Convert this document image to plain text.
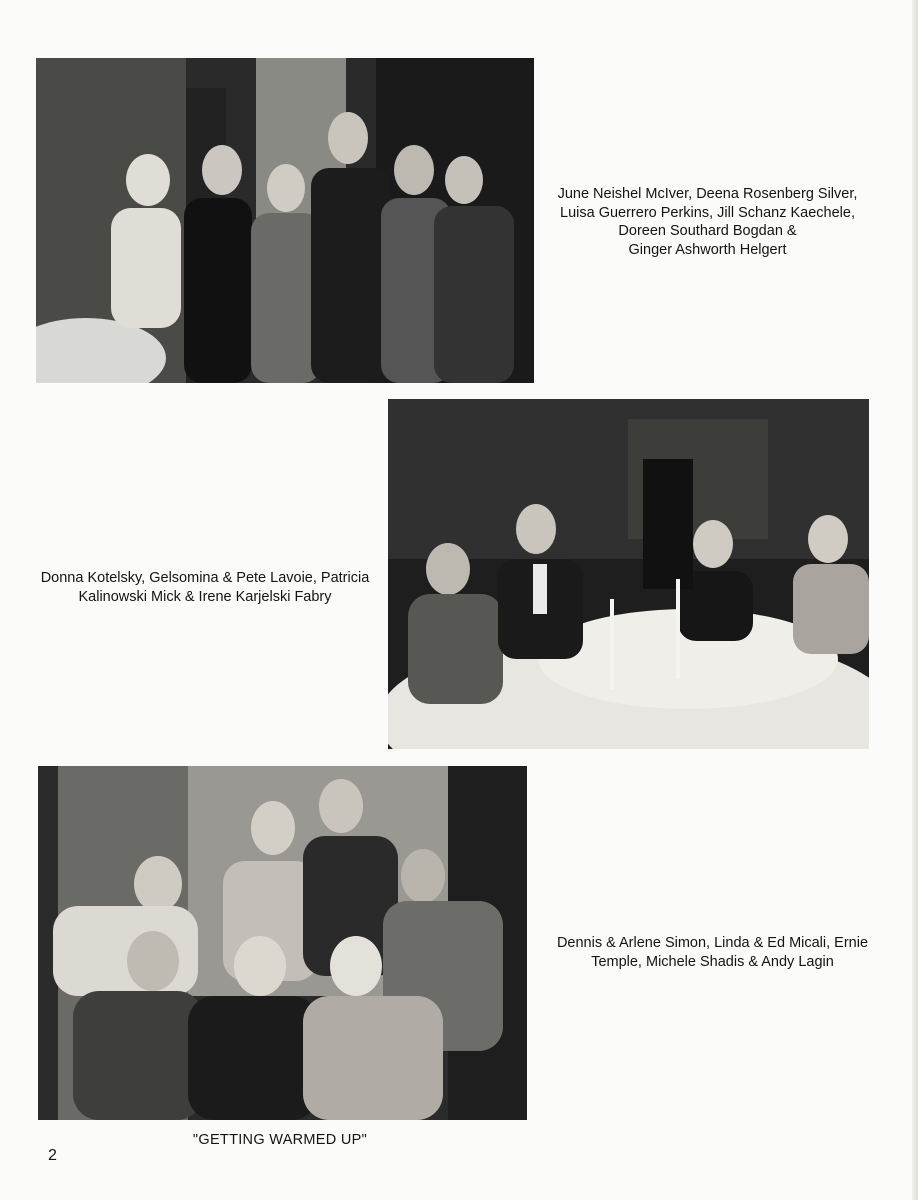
June Neishel McIver, Deena Rosenberg Silver,
Luisa Guerrero Perkins, Jill Schanz Kaechele,
Doreen Southard Bogdan &
Ginger Ashworth Helgert
Donna Kotelsky, Gelsomina & Pete Lavoie, Patricia
Kalinowski Mick & Irene Karjelski Fabry
Dennis & Arlene Simon, Linda & Ed Micali, Ernie
Temple, Michele Shadis & Andy Lagin
"GETTING WARMED UP"
2
